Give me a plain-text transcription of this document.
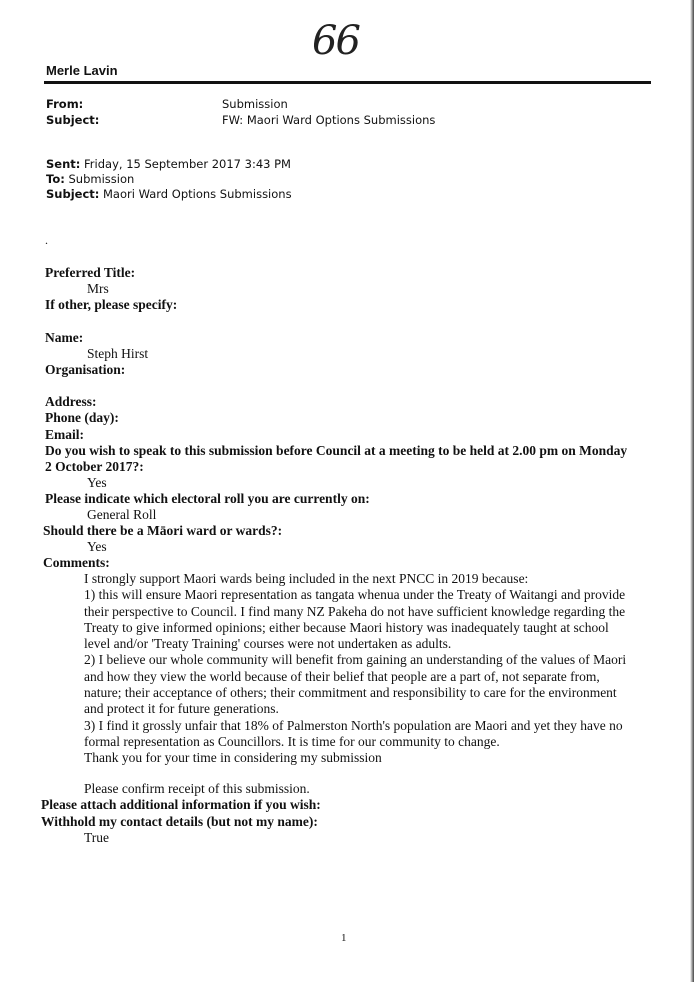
66
Merle Lavin
From:	Submission
Subject:	FW: Maori Ward Options Submissions
Sent: Friday, 15 September 2017 3:43 PM
To: Submission
Subject: Maori Ward Options Submissions
.
Preferred Title:
Mrs
If other, please specify:
Name:
Steph Hirst
Organisation:
Address:
Phone (day):
Email:
Do you wish to speak to this submission before Council at a meeting to be held at 2.00 pm on Monday
2 October 2017?:
Yes
Please indicate which electoral roll you are currently on:
General Roll
Should there be a Māori ward or wards?:
Yes
Comments:
I strongly support Maori wards being included in the next PNCC in 2019 because:
1) this will ensure Maori representation as tangata whenua under the Treaty of Waitangi and provide
their perspective to Council. I find many NZ Pakeha do not have sufficient knowledge regarding the
Treaty to give informed opinions; either because Maori history was inadequately taught at school
level and/or 'Treaty Training' courses were not undertaken as adults.
2) I believe our whole community will benefit from gaining an understanding of the values of Maori
and how they view the world because of their belief that people are a part of, not separate from,
nature; their acceptance of others; their commitment and responsibility to care for the environment
and protect it for future generations.
3) I find it grossly unfair that 18% of Palmerston North's population are Maori and yet they have no
formal representation as Councillors. It is time for our community to change.
Thank you for your time in considering my submission
Please confirm receipt of this submission.
Please attach additional information if you wish:
Withhold my contact details (but not my name):
True
1
